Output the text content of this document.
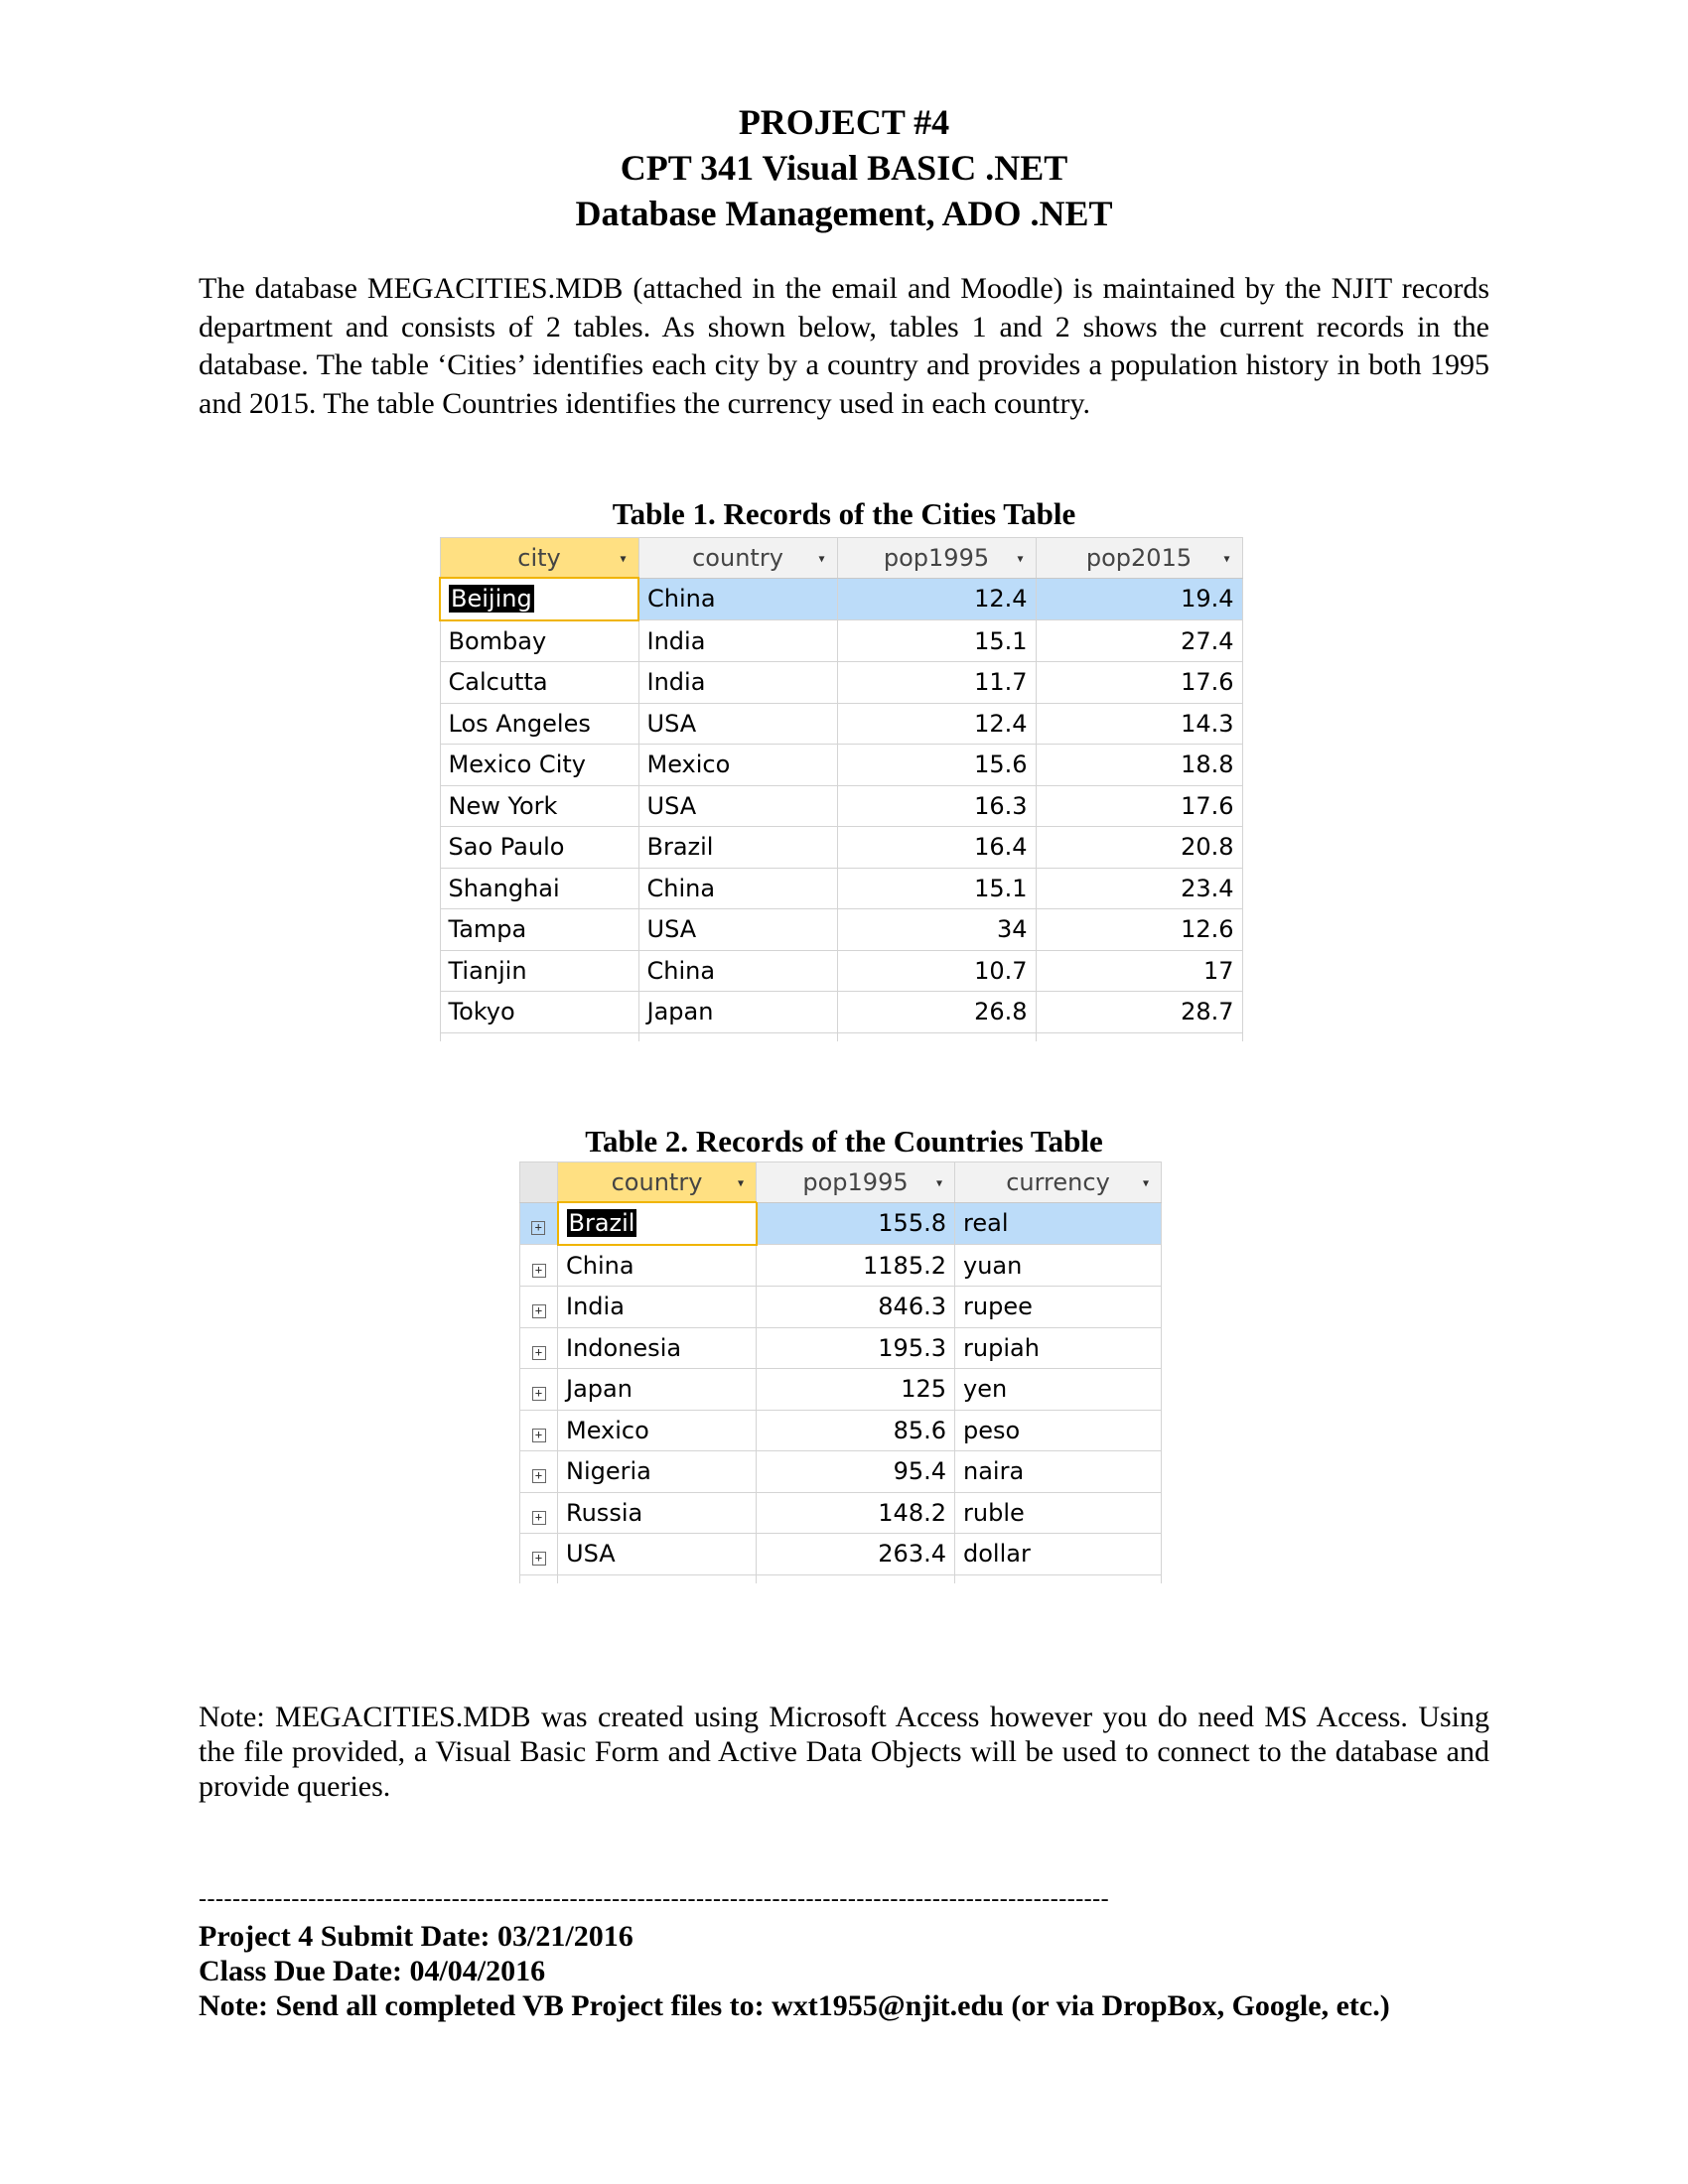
PROJECT #4
CPT 341 Visual BASIC .NET
Database Management, ADO .NET
The database MEGACITIES.MDB (attached in the email and Moodle) is maintained by the NJIT records department and consists of 2 tables. As shown below, tables 1 and 2 shows the current records in the database. The table ‘Cities’ identifies each city by a country and provides a population history in both 1995 and 2015. The table Countries identifies the currency used in each country.
Table 1. Records of the Cities Table
city ▾	country ▾	pop1995 ▾	pop2015 ▾

Beijing	China	12.4	19.4
Bombay	India	15.1	27.4
Calcutta	India	11.7	17.6
Los Angeles	USA	12.4	14.3
Mexico City	Mexico	15.6	18.8
New York	USA	16.3	17.6
Sao Paulo	Brazil	16.4	20.8
Shanghai	China	15.1	23.4
Tampa	USA	34	12.6
Tianjin	China	10.7	17
Tokyo	Japan	26.8	28.7

Table 2. Records of the Countries Table
	country ▾	pop1995 ▾	currency ▾

+	Brazil	155.8	real
+	China	1185.2	yuan
+	India	846.3	rupee
+	Indonesia	195.3	rupiah
+	Japan	125	yen
+	Mexico	85.6	peso
+	Nigeria	95.4	naira
+	Russia	148.2	ruble
+	USA	263.4	dollar

Note: MEGACITIES.MDB was created using Microsoft Access however you do need MS Access. Using the file provided, a Visual Basic Form and Active Data Objects will be used to connect to the database and provide queries.
------------------------------------------------------------------------------------------------------------
Project 4 Submit Date: 03/21/2016
Class Due Date: 04/04/2016
Note: Send all completed VB Project files to: wxt1955@njit.edu (or via DropBox, Google, etc.)
